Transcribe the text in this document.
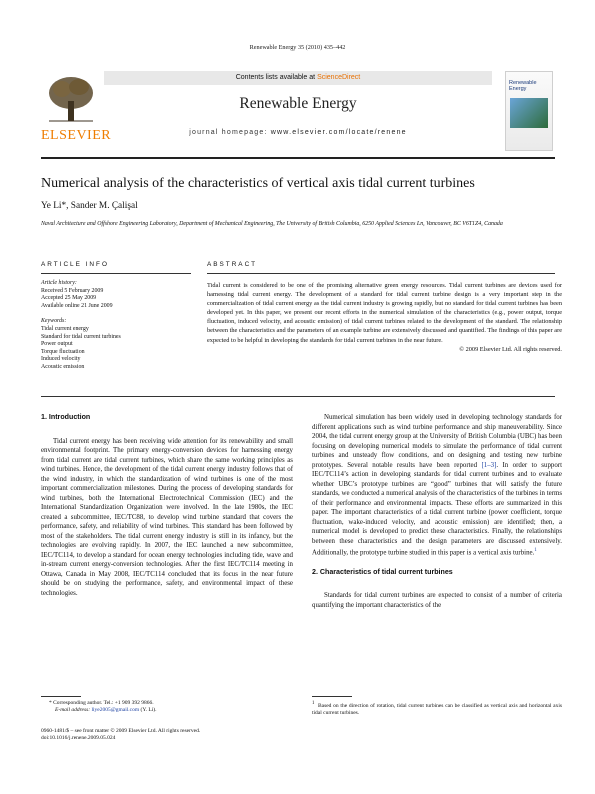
Renewable Energy 35 (2010) 435–442
ELSEVIER
Contents lists available at ScienceDirect
Renewable Energy
journal homepage: www.elsevier.com/locate/renene
Renewable Energy
Numerical analysis of the characteristics of vertical axis tidal current turbines
Ye Li*, Sander M. Çalişal
Naval Architecture and Offshore Engineering Laboratory, Department of Mechanical Engineering, The University of British Columbia, 6250 Applied Sciences Ln, Vancouver, BC V6T1Z4, Canada
ARTICLE INFO	ABSTRACT
Article history:
Received 5 February 2009
Accepted 25 May 2009
Available online 21 June 2009
Keywords:
Tidal current energy
Standard for tidal current turbines
Power output
Torque fluctuation
Induced velocity
Acoustic emission
Tidal current is considered to be one of the promising alternative green energy resources. Tidal current turbines are devices used for harnessing tidal current energy. The development of a standard for tidal current turbine design is a very important step in the commercialization of tidal current energy as the tidal current industry is growing rapidly, but no standard for tidal current turbines has been developed yet. In this paper, we present our recent efforts in the numerical simulation of the characteristics (e.g., power output, torque fluctuation, induced velocity, and acoustic emission) of tidal current turbines related to the development of the standard. The relationship between the characteristics and the parameters of an example turbine are extensively discussed and quantified. The findings of this paper are expected to be helpful in developing the standards for tidal current turbines in the near future.
© 2009 Elsevier Ltd. All rights reserved.
1. Introduction

Tidal current energy has been receiving wide attention for its renewability and small environmental footprint. The primary energy-conversion devices for harnessing energy from tidal current are tidal current turbines, which share the same working principles as wind turbines. Hence, the development of the tidal current energy industry follows that of the wind industry, in which the standardization of wind turbines is one of the most important commercialization milestones. During the process of developing standards for wind turbines, both the International Electrotechnical Commission (IEC) and the International Standardization Organization were involved. In the late 1980s, the IEC created a subcommittee, IEC/TC88, to develop wind turbine standard that covers the performance, safety, and reliability of wind turbines. This standard has been followed by most of the stakeholders. The tidal current energy industry is still in its infancy, but the technologies are evolving rapidly. In 2007, the IEC launched a new subcommittee, IEC/TC114, to develop a standard for ocean energy technologies including tide, wave and in-stream current energy-conversion technologies. After the first IEC/TC114 meeting in Ottawa, Canada in May 2008, IEC/TC114 concluded that its focus in the near future should be on studying the performance, safety, and environmental impact of these technologies.

Numerical simulation has been widely used in developing technology standards for different applications such as wind turbine performance and ship maneuverability. Since 2004, the tidal current energy group at the University of British Columbia (UBC) has been focusing on developing numerical models to simulate the performance of tidal current turbines and unsteady flow conditions, and on designing and testing new turbine prototypes. Several notable results have been reported [1–3]. In order to support IEC/TC114’s action in developing standards for tidal current turbines and to evaluate whether UBC’s prototype turbines are “good” turbines that will satisfy the future standards, we conducted a numerical analysis of the characteristics of the turbines in terms of their performance and environmental impacts. These efforts are summarized in this paper. The important characteristics of a tidal current turbine (power coefficient, torque fluctuation, wake-induced velocity, and acoustic emission) are identified; then, a numerical model is developed to predict these characteristics. Finally, the relationships between these characteristics and the design parameters are discussed extensively. Additionally, the prototype turbine studied in this paper is a vertical axis turbine.$^1$

2. Characteristics of tidal current turbines

Standards for tidal current turbines are expected to consist of a number of criteria quantifying the important characteristics of the

* Corresponding author. Tel.: +1 909 392 9866.
E-mail address: liye2005@gmail.com (Y. Li).
0960-1481/$ – see front matter © 2009 Elsevier Ltd. All rights reserved.
doi:10.1016/j.renene.2009.05.024
$^1$ Based on the direction of rotation, tidal current turbines can be classified as vertical axis and horizontal axis tidal current turbines.
